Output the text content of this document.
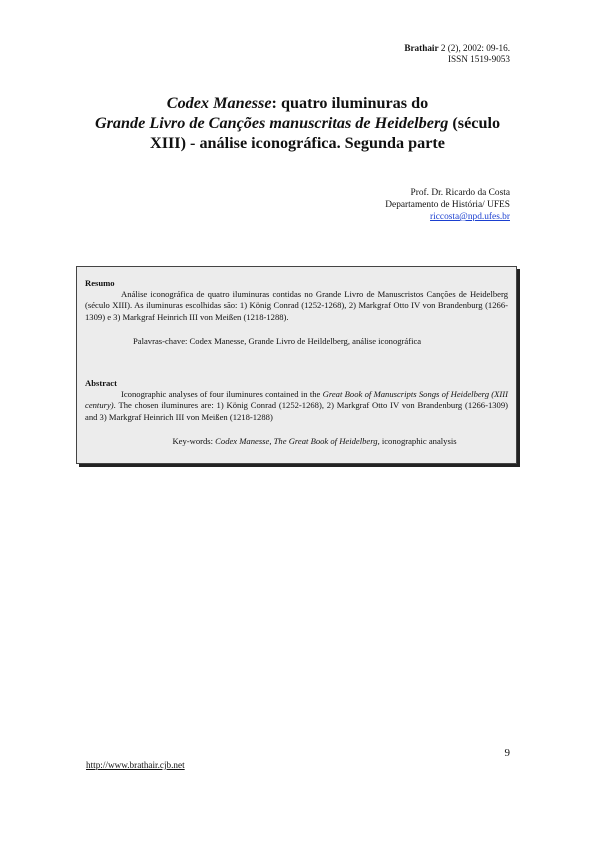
Brathair 2 (2), 2002: 09-16.
ISSN 1519-9053
Codex Manesse: quatro iluminuras do
Grande Livro de Canções manuscritas de Heidelberg (século XIII) - análise iconográfica. Segunda parte
Prof. Dr. Ricardo da Costa
Departamento de História/ UFES
riccosta@npd.ufes.br
Resumo

Análise iconográfica de quatro iluminuras contidas no Grande Livro de Manuscristos Canções de Heidelberg (século XIII). As iluminuras escolhidas são: 1) König Conrad (1252-1268), 2) Markgraf Otto IV von Brandenburg (1266-1309) e 3) Markgraf Heinrich III von Meißen (1218-1288).

Palavras-chave: Codex Manesse, Grande Livro de Heildelberg, análise iconográfica

Abstract

Iconographic analyses of four iluminures contained in the Great Book of Manuscripts Songs of Heidelberg (XIII century). The chosen iluminures are: 1) König Conrad (1252-1268), 2) Markgraf Otto IV von Brandenburg (1266-1309) and 3) Markgraf Heinrich III von Meißen (1218-1288)

Key-words: Codex Manesse, The Great Book of Heidelberg, iconographic analysis

9
http://www.brathair.cjb.net
